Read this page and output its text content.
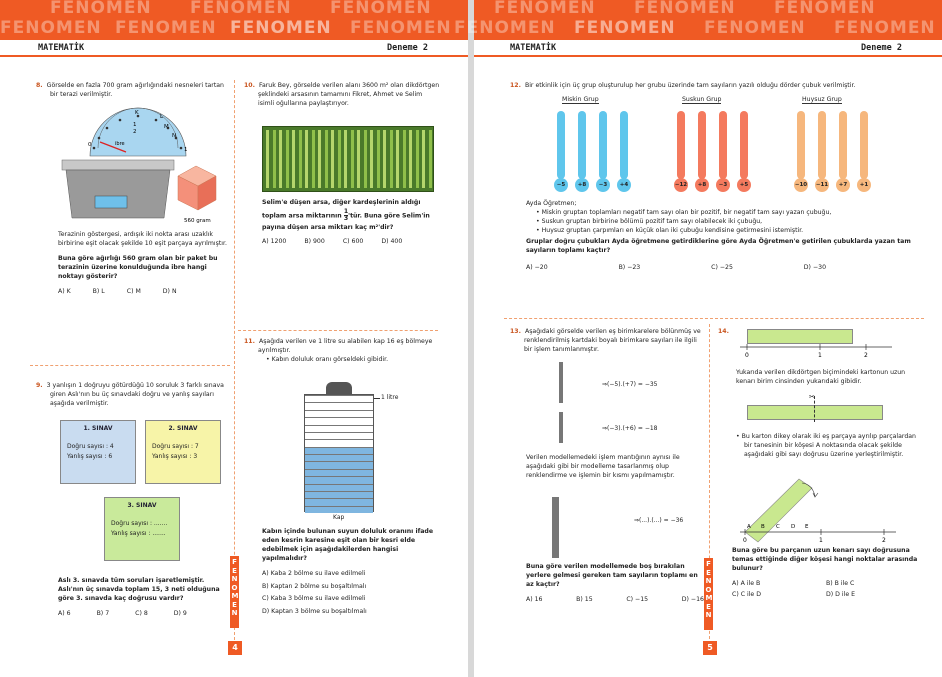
FENOMEN FENOMEN FENOMEN
FENOMEN FENOMEN FENOMEN FENOMEN
MATEMATİK	Deneme 2
8. Görselde en fazla 700 gram ağırlığındaki nesneleri tartan bir terazi verilmiştir.
K
1
2
L
M
N
1
0	ibre
560 gram
Terazinin göstergesi, ardışık iki nokta arası uzaklık birbirine eşit olacak şekilde 10 eşit parçaya ayrılmıştır.
Buna göre ağırlığı 560 gram olan bir paket bu terazinin üzerine konulduğunda ibre hangi noktayı gösterir?
A) K	B) L	C) M	D) N
9. 3 yanlışın 1 doğruyu götürdüğü 10 soruluk 3 farklı sınava giren Aslı'nın bu üç sınavdaki doğru ve yanlış sayıları aşağıda verilmiştir.
1. SINAV
Doğru sayısı : 4
Yanlış sayısı : 6
2. SINAV
Doğru sayısı : 7
Yanlış sayısı : 3
3. SINAV
Doğru sayısı : .......
Yanlış sayısı : .......
Aslı 3. sınavda tüm soruları işaretlemiştir. Aslı'nın üç sınavda toplam 15, 3 neti olduğuna göre 3. sınavda kaç doğrusu vardır?
A) 6	B) 7	C) 8	D) 9
10. Faruk Bey, görselde verilen alanı 3600 m² olan dikdörtgen şeklindeki arsasının tamamını Fikret, Ahmet ve Selim isimli oğullarına paylaştırıyor.
Selim'e düşen arsa, diğer kardeşlerinin aldığı toplam arsa miktarının $\frac{1}{3}$ 'tür. Buna göre Selim'in payına düşen arsa miktarı kaç m²'dir?
A) 1200	B) 900	C) 600	D) 400
11. Aşağıda verilen ve 1 litre su alabilen kap 16 eş bölmeye ayrılmıştır.
• Kabın doluluk oranı görseldeki gibidir.
1 litre
Kap
Kabın içinde bulunan suyun doluluk oranını ifade eden kesrin karesine eşit olan bir kesri elde edebilmek için aşağıdakilerden hangisi yapılmalıdır?
A) Kaba 2 bölme su ilave edilmeli
B) Kaptan 2 bölme su boşaltılmalı
C) Kaba 3 bölme su ilave edilmeli
D) Kaptan 3 bölme su boşaltılmalı
FENOMEN
4
FENOMEN FENOMEN FENOMEN
FENOMEN FENOMEN FENOMEN FENOMEN
MATEMATİK	Deneme 2
12. Bir etkinlik için üç grup oluşturulup her grubu üzerinde tam sayıların yazılı olduğu dörder çubuk verilmiştir.
Miskin Grup
−5	+8	−3	+4
Suskun Grup
−12	+8	−3	+5
Huysuz Grup
−10 −11	+7	+1
Ayda Öğretmen;
• Miskin gruptan toplamları negatif tam sayı olan bir pozitif, bir negatif tam sayı yazan çubuğu,
• Suskun gruptan birbirine bölümü pozitif tam sayı olabilecek iki çubuğu,
• Huysuz gruptan çarpımları en küçük olan iki çubuğu kendisine getirmesini istemiştir.
Gruplar doğru çubukları Ayda öğretmene getirdiklerine göre Ayda Öğretmen'e getirilen çubuklarda yazan tam sayıların toplamı kaçtır?
A) −20	B) −23	C) −25	D) −30
13. Aşağıdaki görselde verilen eş birimkarelere bölünmüş ve renklendirilmiş kartdaki boyalı birimkare sayıları ile ilgili bir işlem tanımlanmıştır.

⇒(−5).(+7) = −35
⇒(−3).(+6) = −18
Verilen modellemedeki işlem mantığının aynısı ile aşağıdaki gibi bir modelleme tasarlanmış olup renklendirme ve işlemin bir kısmı yapılmamıştır.

⇒(...).(...) = −36
Buna göre verilen modellemede boş bırakılan yerlere gelmesi gereken tam sayıların toplamı en az kaçtır?
A) 16	B) 15	C) −15	D) −16
14.
0	1	2
Yukarıda verilen dikdörtgen biçimindeki kartonun uzun kenarı birim cinsinden yukarıdaki gibidir.
✂
• Bu karton dikey olarak iki eş parçaya ayrılıp parçalardan bir tanesinin bir köşesi A noktasında olacak şekilde aşağıdaki gibi sayı doğrusu üzerine yerleştirilmiştir.
A B C D E
0	1	2
Buna göre bu parçanın uzun kenarı sayı doğrusuna temas ettiğinde diğer köşesi hangi noktalar arasında bulunur?
A) A ile B	B) B ile C
C) C ile D	D) D ile E
FENOMEN
5
